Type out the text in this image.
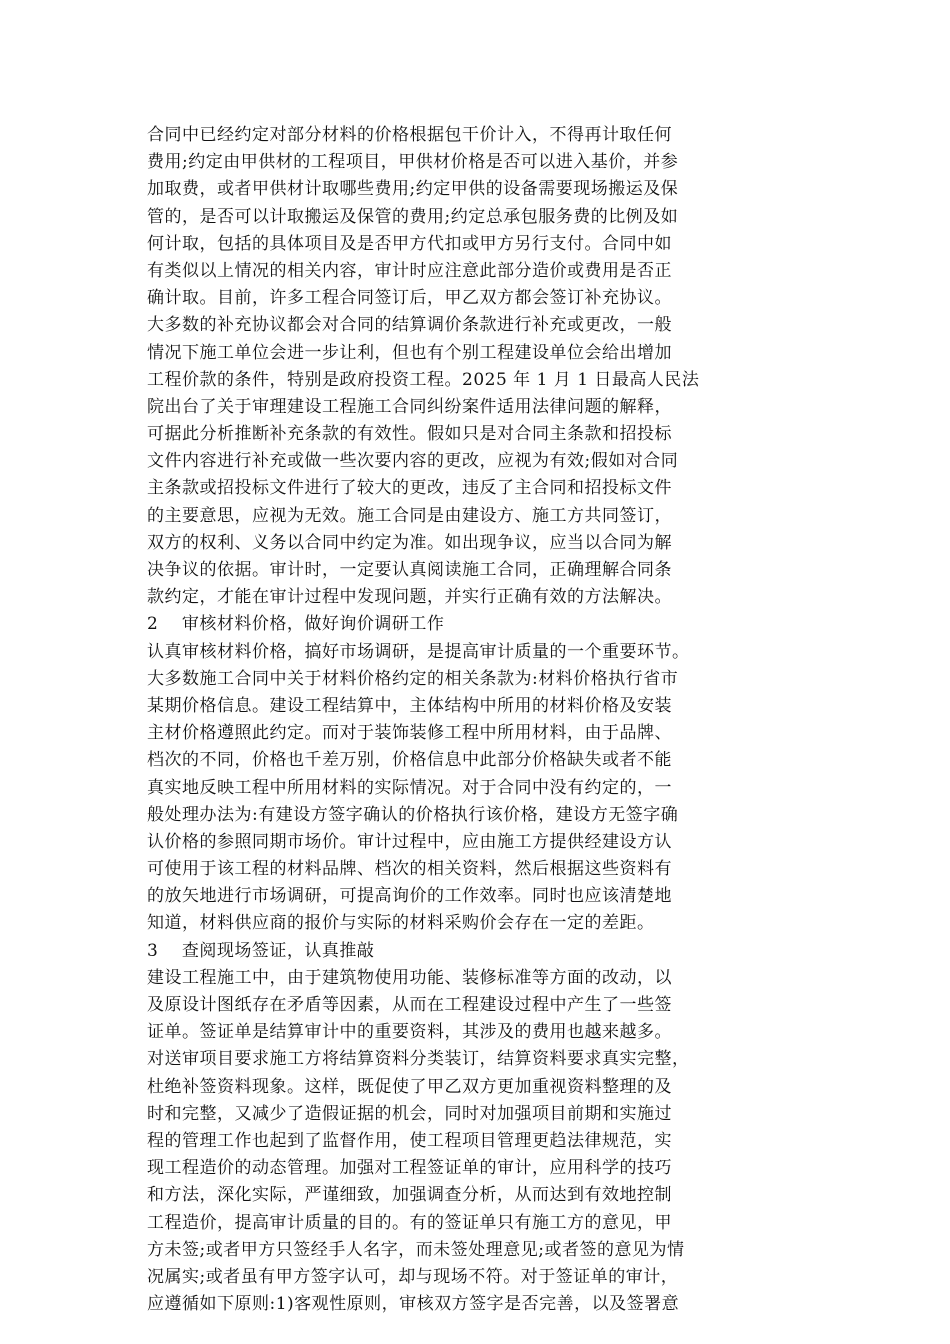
合同中已经约定对部分材料的价格根据包干价计入，不得再计取任何
费用;约定由甲供材的工程项目，甲供材价格是否可以进入基价，并参
加取费，或者甲供材计取哪些费用;约定甲供的设备需要现场搬运及保
管的，是否可以计取搬运及保管的费用;约定总承包服务费的比例及如
何计取，包括的具体项目及是否甲方代扣或甲方另行支付。合同中如
有类似以上情况的相关内容，审计时应注意此部分造价或费用是否正
确计取。目前，许多工程合同签订后，甲乙双方都会签订补充协议。
大多数的补充协议都会对合同的结算调价条款进行补充或更改，一般
情况下施工单位会进一步让利，但也有个别工程建设单位会给出增加
工程价款的条件，特别是政府投资工程。2025 年 1 月 1 日最高人民法
院出台了关于审理建设工程施工合同纠纷案件适用法律问题的解释，
可据此分析推断补充条款的有效性。假如只是对合同主条款和招投标
文件内容进行补充或做一些次要内容的更改，应视为有效;假如对合同
主条款或招投标文件进行了较大的更改，违反了主合同和招投标文件
的主要意思，应视为无效。施工合同是由建设方、施工方共同签订，
双方的权利、义务以合同中约定为准。如出现争议，应当以合同为解
决争议的依据。审计时，一定要认真阅读施工合同，正确理解合同条
款约定，才能在审计过程中发现问题，并实行正确有效的方法解决。
2    审核材料价格，做好询价调研工作
认真审核材料价格，搞好市场调研，是提高审计质量的一个重要环节。
大多数施工合同中关于材料价格约定的相关条款为:材料价格执行省市
某期价格信息。建设工程结算中，主体结构中所用的材料价格及安装
主材价格遵照此约定。而对于装饰装修工程中所用材料，由于品牌、
档次的不同，价格也千差万别，价格信息中此部分价格缺失或者不能
真实地反映工程中所用材料的实际情况。对于合同中没有约定的，一
般处理办法为:有建设方签字确认的价格执行该价格，建设方无签字确
认价格的参照同期市场价。审计过程中，应由施工方提供经建设方认
可使用于该工程的材料品牌、档次的相关资料，然后根据这些资料有
的放矢地进行市场调研，可提高询价的工作效率。同时也应该清楚地
知道，材料供应商的报价与实际的材料采购价会存在一定的差距。
3    查阅现场签证，认真推敲
建设工程施工中，由于建筑物使用功能、装修标准等方面的改动，以
及原设计图纸存在矛盾等因素，从而在工程建设过程中产生了一些签
证单。签证单是结算审计中的重要资料，其涉及的费用也越来越多。
对送审项目要求施工方将结算资料分类装订，结算资料要求真实完整，
杜绝补签资料现象。这样，既促使了甲乙双方更加重视资料整理的及
时和完整，又减少了造假证据的机会，同时对加强项目前期和实施过
程的管理工作也起到了监督作用，使工程项目管理更趋法律规范，实
现工程造价的动态管理。加强对工程签证单的审计，应用科学的技巧
和方法，深化实际，严谨细致，加强调查分析，从而达到有效地控制
工程造价，提高审计质量的目的。有的签证单只有施工方的意见，甲
方未签;或者甲方只签经手人名字，而未签处理意见;或者签的意见为情
况属实;或者虽有甲方签字认可，却与现场不符。对于签证单的审计，
应遵循如下原则:1)客观性原则，审核双方签字是否完善，以及签署意
